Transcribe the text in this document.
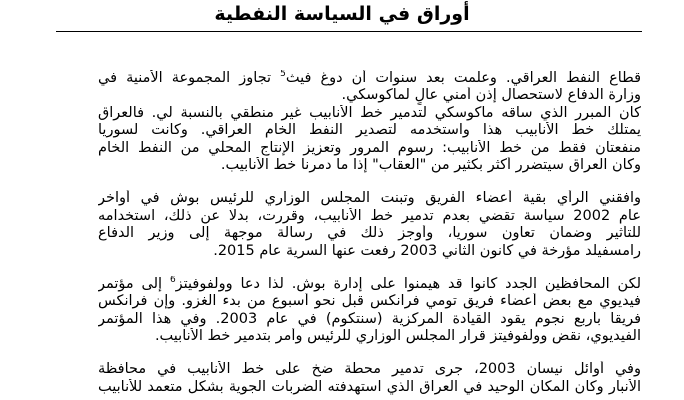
أوراق في السياسة النفطية

قطاع النفط العراقي. وعلمت بعد سنوات أن دوغ فيث$^5$ تجاوز المجموعة الأمنية في
وزارة الدفاع لاستحصال إذن أمني عالٍ لماكوسكي.
كان المبرر الذي ساقه ماكوسكي لتدمير خط الأنابيب غير منطقي بالنسبة لي. فالعراق
يمتلك خط الأنابيب هذا واستخدمه لتصدير النفط الخام العراقي. وكانت لسوريا
منفعتان فقط من خط الأنابيب: رسوم المرور وتعزيز الإنتاج المحلي من النفط الخام
وكان العراق سيتضرر أكثر بكثير من "العقاب" إذا ما دمرنا خط الأنابيب.

وافقني الرأي بقية أعضاء الفريق وتبنت المجلس الوزاري للرئيس بوش في أواخر
عام 2002 سياسة تقضي بعدم تدمير خط الأنابيب، وقررت، بدلا عن ذلك، استخدامه
للتأثير وضمان تعاون سوريا، وأوجز ذلك في رسالة موجهة إلى وزير الدفاع
رامسفيلد مؤرخة في كانون الثاني 2003 رفعت عنها السرية عام 2015.

لكن المحافظين الجدد كانوا قد هيمنوا على إدارة بوش. لذا دعا وولفوفيتز$^6$ إلى مؤتمر
فيديوي مع بعض أعضاء فريق تومي فرانكس قبل نحو أسبوع من بدء الغزو. وإن فرانكس
فريقا بأربع نجوم يقود القيادة المركزية (سنتكوم) في عام 2003. وفي هذا المؤتمر
الفيديوي، نقض وولفوفيتز قرار المجلس الوزاري للرئيس وأمر بتدمير خط الأنابيب.

وفي أوائل نيسان 2003، جرى تدمير محطة ضخ على خط الأنابيب في محافظة
الأنبار وكان المكان الوحيد في العراق الذي استهدفته الضربات الجوية بشكل متعمد للأنابيب
